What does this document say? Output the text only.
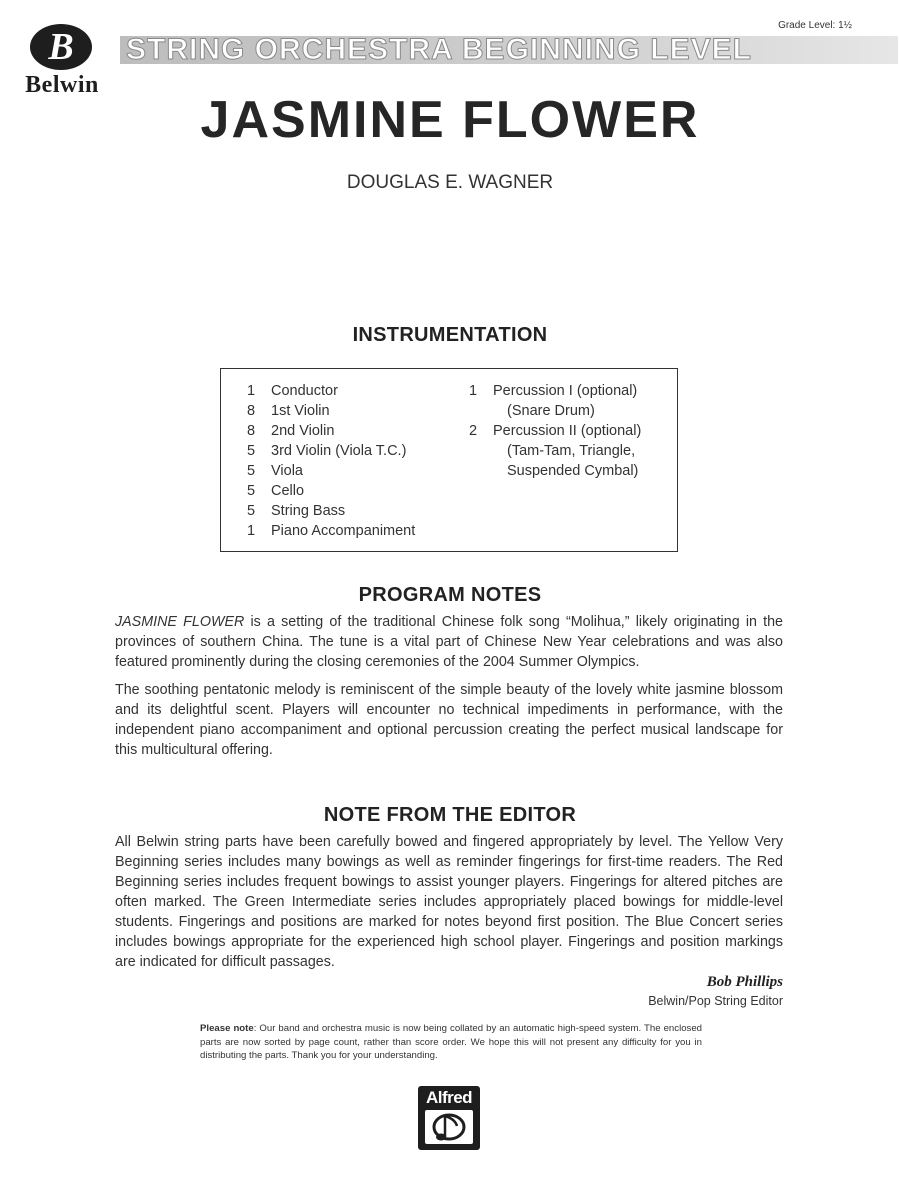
B
Belwin
Grade Level: 1½
STRING ORCHESTRA BEGINNING LEVEL
JASMINE FLOWER
DOUGLAS E. WAGNER
INSTRUMENTATION
1	Conductor
8	1st Violin
8	2nd Violin
5	3rd Violin (Viola T.C.)
5	Viola
5	Cello
5	String Bass
1	Piano Accompaniment
1	Percussion I (optional)
(Snare Drum)
2	Percussion II (optional)
(Tam-Tam, Triangle,
Suspended Cymbal)
PROGRAM NOTES
JASMINE FLOWER is a setting of the traditional Chinese folk song “Molihua,” likely originating in the provinces of southern China. The tune is a vital part of Chinese New Year celebrations and was also featured prominently during the closing ceremonies of the 2004 Summer Olympics.
The soothing pentatonic melody is reminiscent of the simple beauty of the lovely white jasmine blossom and its delightful scent. Players will encounter no technical impediments in performance, with the independent piano accompaniment and optional percussion creating the perfect musical landscape for this multicultural offering.
NOTE FROM THE EDITOR
All Belwin string parts have been carefully bowed and fingered appropriately by level. The Yellow Very Beginning series includes many bowings as well as reminder fingerings for first-time readers. The Red Beginning series includes frequent bowings to assist younger players. Fingerings for altered pitches are often marked. The Green Intermediate series includes appropriately placed bowings for middle-level students. Fingerings and positions are marked for notes beyond first position. The Blue Concert series includes bowings appropriate for the experienced high school player. Fingerings and position markings are indicated for difficult passages.
Bob Phillips
Belwin/Pop String Editor
Please note: Our band and orchestra music is now being collated by an automatic high-speed system. The enclosed parts are now sorted by page count, rather than score order. We hope this will not present any difficulty for you in distributing the parts. Thank you for your understanding.
Alfred
